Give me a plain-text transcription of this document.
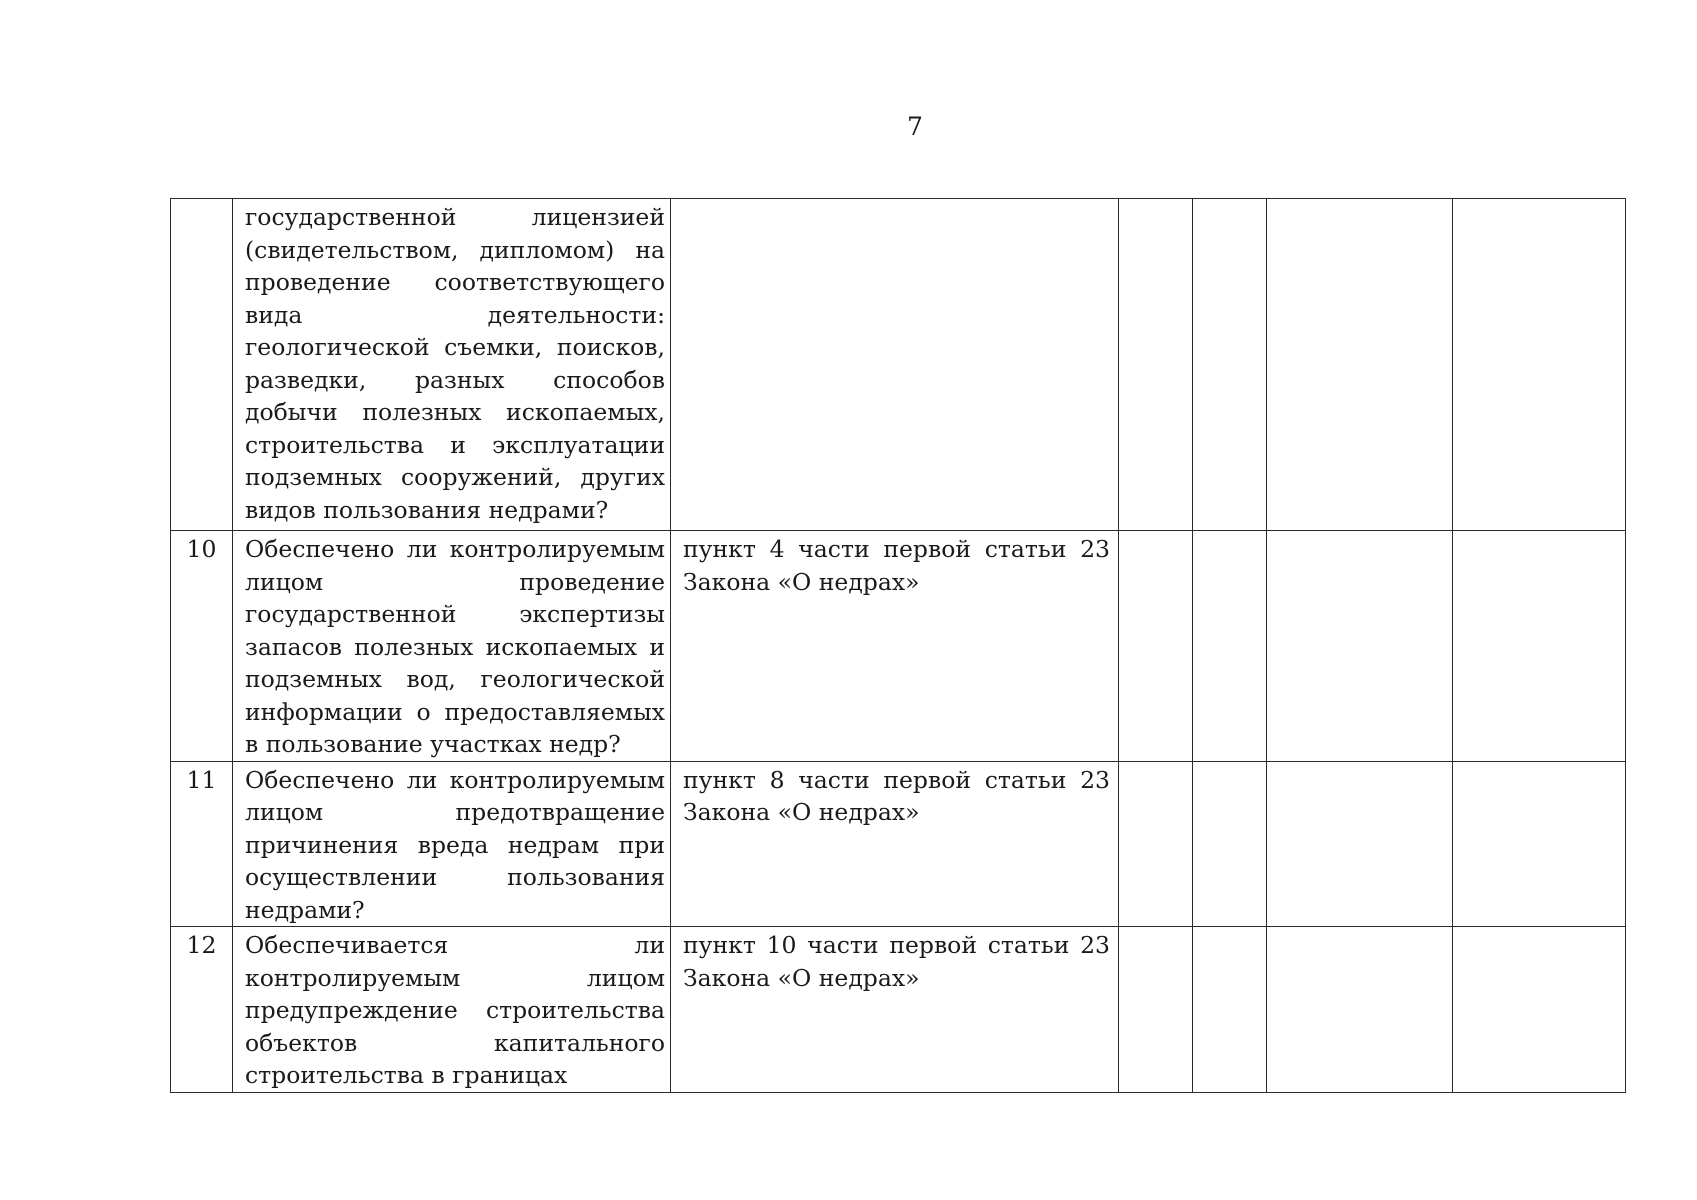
7
	государственной лицензией (свидетельством, дипломом) на проведение соответствующего вида деятельности: геологической съемки, поисков, разведки, разных способов добычи полезных ископаемых, строительства и эксплуатации подземных сооружений, других видов пользования недрами?					
10	Обеспечено ли контролируемым лицом проведение государственной экспертизы запасов полезных ископаемых и подземных вод, геологической информации о предоставляемых в пользование участках недр?	пункт 4 части первой статьи 23 Закона «О недрах»				
11	Обеспечено ли контролируемым лицом предотвращение причинения вреда недрам при осуществлении пользования недрами?	пункт 8 части первой статьи 23 Закона «О недрах»				
12	Обеспечивается ли контролируемым лицом предупреждение строительства объектов капитального строительства в границах	пункт 10 части первой статьи 23 Закона «О недрах»				
